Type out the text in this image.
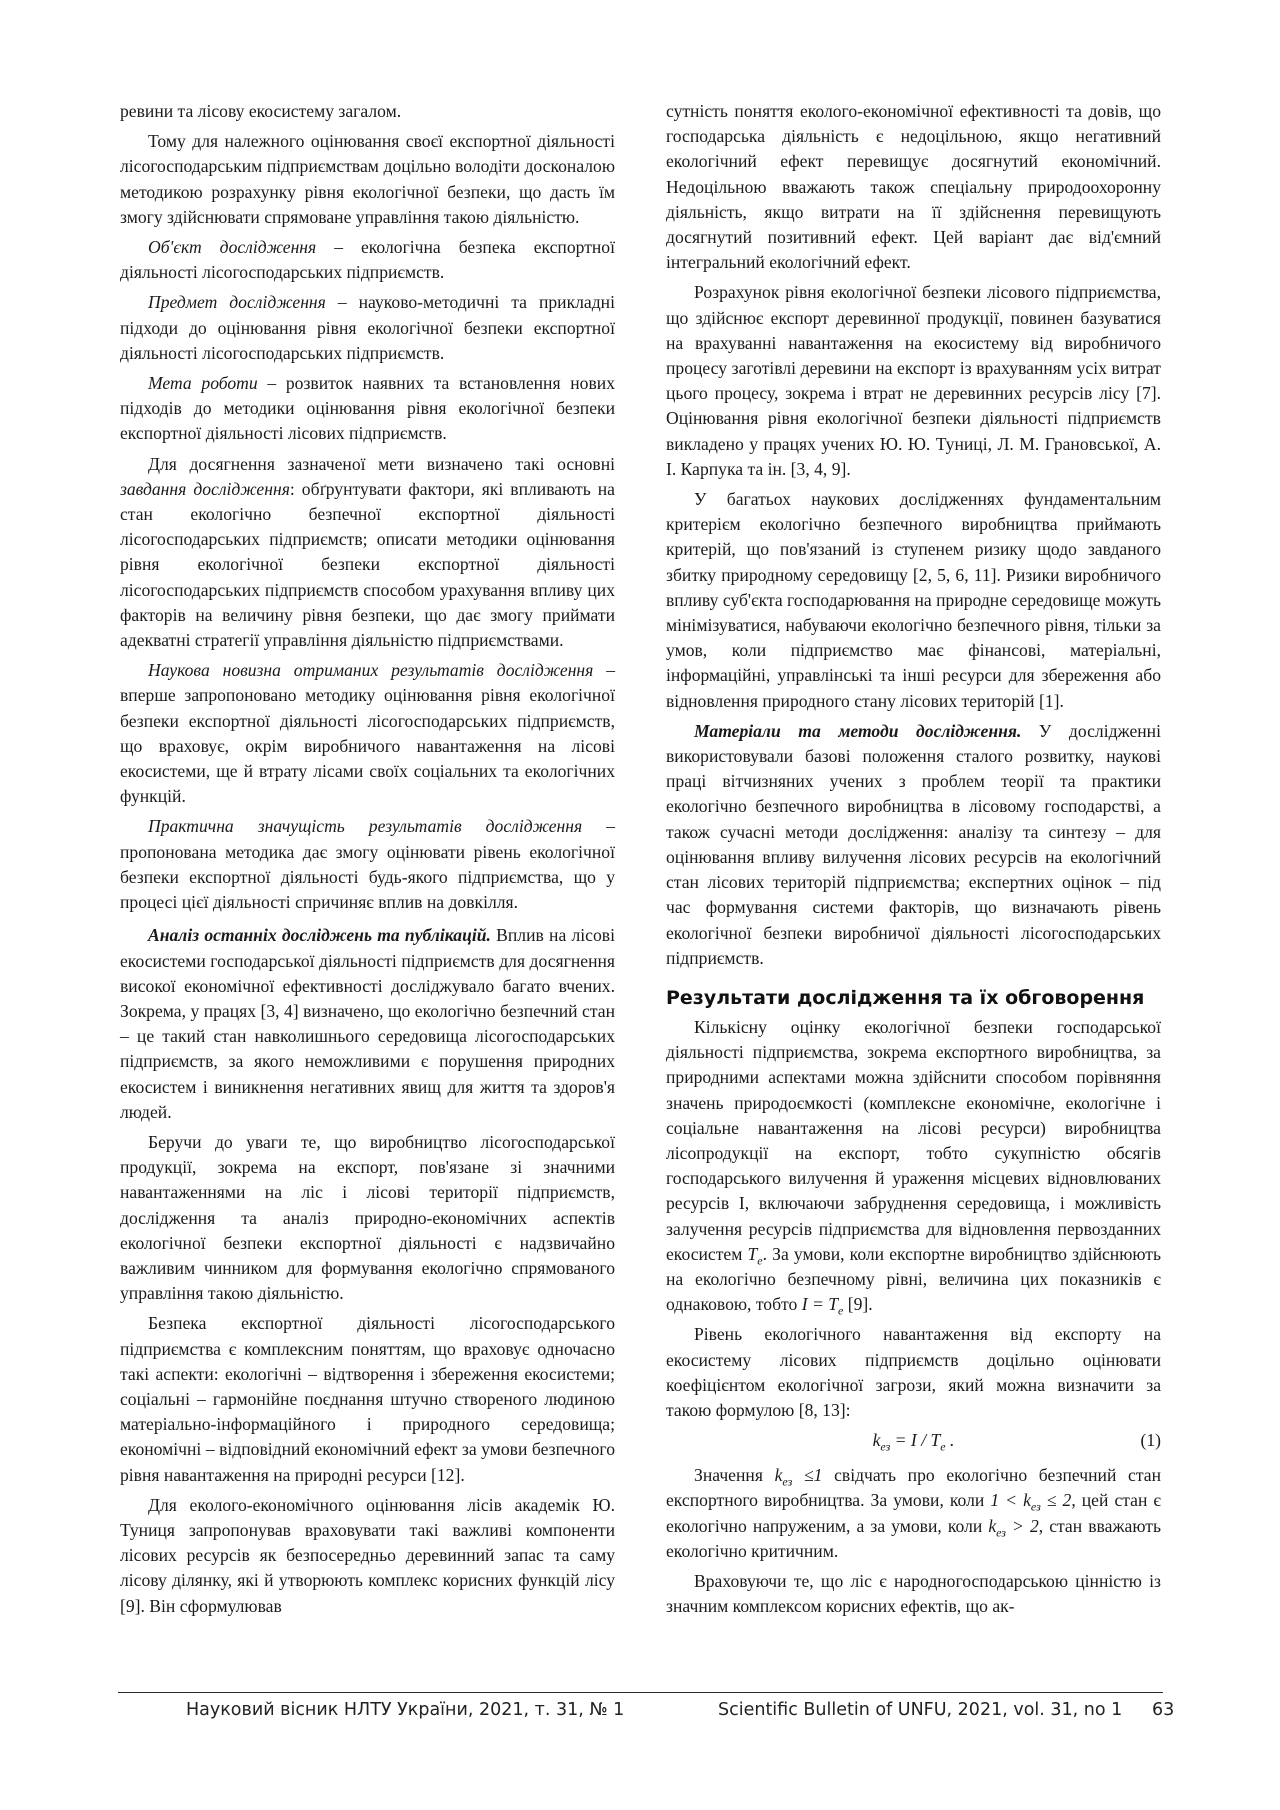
ревини та лісову екосистему загалом.

Тому для належного оцінювання своєї експортної діяльності лісогосподарським підприємствам доцільно володіти досконалою методикою розрахунку рівня екологічної безпеки, що дасть їм змогу здійснювати спрямоване управління такою діяльністю.

Об'єкт дослідження – екологічна безпека експортної діяльності лісогосподарських підприємств.

Предмет дослідження – науково-методичні та прикладні підходи до оцінювання рівня екологічної безпеки експортної діяльності лісогосподарських підприємств.

Мета роботи – розвиток наявних та встановлення нових підходів до методики оцінювання рівня екологічної безпеки експортної діяльності лісових підприємств.

Для досягнення зазначеної мети визначено такі основні завдання дослідження: обґрунтувати фактори, які впливають на стан екологічно безпечної експортної діяльності лісогосподарських підприємств; описати методики оцінювання рівня екологічної безпеки експортної діяльності лісогосподарських підприємств способом урахування впливу цих факторів на величину рівня безпеки, що дає змогу приймати адекватні стратегії управління діяльністю підприємствами.

Наукова новизна отриманих результатів дослідження – вперше запропоновано методику оцінювання рівня екологічної безпеки експортної діяльності лісогосподарських підприємств, що враховує, окрім виробничого навантаження на лісові екосистеми, ще й втрату лісами своїх соціальних та екологічних функцій.

Практична значущість результатів дослідження – пропонована методика дає змогу оцінювати рівень екологічної безпеки експортної діяльності будь-якого підприємства, що у процесі цієї діяльності спричиняє вплив на довкілля.

Аналіз останніх досліджень та публікацій. Вплив на лісові екосистеми господарської діяльності підприємств для досягнення високої економічної ефективності досліджувало багато вчених. Зокрема, у працях [3, 4] визначено, що екологічно безпечний стан – це такий стан навколишнього середовища лісогосподарських підприємств, за якого неможливими є порушення природних екосистем і виникнення негативних явищ для життя та здоров'я людей.

Беручи до уваги те, що виробництво лісогосподарської продукції, зокрема на експорт, пов'язане зі значними навантаженнями на ліс і лісові території підприємств, дослідження та аналіз природно-економічних аспектів екологічної безпеки експортної діяльності є надзвичайно важливим чинником для формування екологічно спрямованого управління такою діяльністю.

Безпека експортної діяльності лісогосподарського підприємства є комплексним поняттям, що враховує одночасно такі аспекти: екологічні – відтворення і збереження екосистеми; соціальні – гармонійне поєднання штучно створеного людиною матеріально-інформаційного і природного середовища; економічні – відповідний економічний ефект за умови безпечного рівня навантаження на природні ресурси [12].

Для еколого-економічного оцінювання лісів академік Ю. Туниця запропонував враховувати такі важливі компоненти лісових ресурсів як безпосередньо деревинний запас та саму лісову ділянку, які й утворюють комплекс корисних функцій лісу [9]. Він сформулював

сутність поняття еколого-економічної ефективності та довів, що господарська діяльність є недоцільною, якщо негативний екологічний ефект перевищує досягнутий економічний. Недоцільною вважають також спеціальну природоохоронну діяльність, якщо витрати на її здійснення перевищують досягнутий позитивний ефект. Цей варіант дає від'ємний інтегральний екологічний ефект.

Розрахунок рівня екологічної безпеки лісового підприємства, що здійснює експорт деревинної продукції, повинен базуватися на врахуванні навантаження на екосистему від виробничого процесу заготівлі деревини на експорт із врахуванням усіх витрат цього процесу, зокрема і втрат не деревинних ресурсів лісу [7]. Оцінювання рівня екологічної безпеки діяльності підприємств викладено у працях учених Ю. Ю. Туниці, Л. М. Грановської, А. І. Карпука та ін. [3, 4, 9].

У багатьох наукових дослідженнях фундаментальним критерієм екологічно безпечного виробництва приймають критерій, що пов'язаний із ступенем ризику щодо завданого збитку природному середовищу [2, 5, 6, 11]. Ризики виробничого впливу суб'єкта господарювання на природне середовище можуть мінімізуватися, набуваючи екологічно безпечного рівня, тільки за умов, коли підприємство має фінансові, матеріальні, інформаційні, управлінські та інші ресурси для збереження або відновлення природного стану лісових територій [1].

Матеріали та методи дослідження. У дослідженні використовували базові положення сталого розвитку, наукові праці вітчизняних учених з проблем теорії та практики екологічно безпечного виробництва в лісовому господарстві, а також сучасні методи дослідження: аналізу та синтезу – для оцінювання впливу вилучення лісових ресурсів на екологічний стан лісових територій підприємства; експертних оцінок – під час формування системи факторів, що визначають рівень екологічної безпеки виробничої діяльності лісогосподарських підприємств.

Результати дослідження та їх обговорення

Кількісну оцінку екологічної безпеки господарської діяльності підприємства, зокрема експортного виробництва, за природними аспектами можна здійснити способом порівняння значень природоємкості (комплексне економічне, екологічне і соціальне навантаження на лісові ресурси) виробництва лісопродукції на експорт, тобто сукупністю обсягів господарського вилучення й ураження місцевих відновлюваних ресурсів I, включаючи забруднення середовища, і можливість залучення ресурсів підприємства для відновлення первозданних екосистем $T_e$. За умови, коли експортне виробництво здійснюють на екологічно безпечному рівні, величина цих показників є однаковою, тобто $I = T_e$ [9].

Рівень екологічного навантаження від експорту на екосистему лісових підприємств доцільно оцінювати коефіцієнтом екологічної загрози, який можна визначити за такою формулою [8, 13]:

$k_{ез} = I / T_e$ .	(1)

Значення $k_{ез} \le 1$ свідчать про екологічно безпечний стан експортного виробництва. За умови, коли $1 < k_{ез} \le 2$, цей стан є екологічно напруженим, а за умови, коли $k_{ез} > 2$, стан вважають екологічно критичним.

Враховуючи те, що ліс є народногосподарською цінністю із значним комплексом корисних ефектів, що ак-

Науковий вісник НЛТУ України, 2021, т. 31, № 1	Scientific Bulletin of UNFU, 2021, vol. 31, no 1 63
